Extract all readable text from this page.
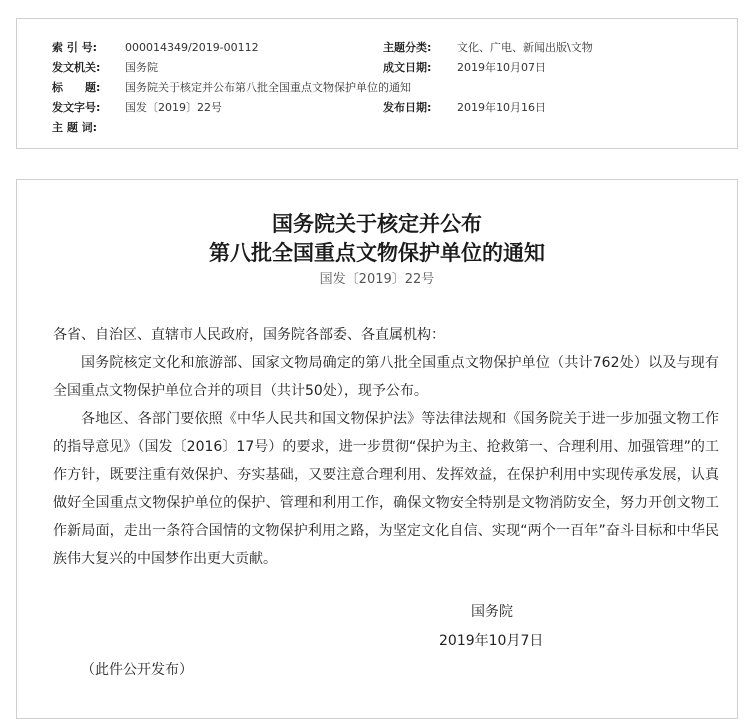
索 引 号:	000014349/2019-00112	主题分类:	文化、广电、新闻出版\文物
发文机关:	国务院	成文日期:	2019年10月07日
标　　题:	国务院关于核定并公布第八批全国重点文物保护单位的通知
发文字号:	国发〔2019〕22号	发布日期:	2019年10月16日
主 题 词:
国务院关于核定并公布
第八批全国重点文物保护单位的通知
国发〔2019〕22号

各省、自治区、直辖市人民政府，国务院各部委、各直属机构：

国务院核定文化和旅游部、国家文物局确定的第八批全国重点文物保护单位（共计762处）以及与现有全国重点文物保护单位合并的项目（共计50处），现予公布。

各地区、各部门要依照《中华人民共和国文物保护法》等法律法规和《国务院关于进一步加强文物工作的指导意见》（国发〔2016〕17号）的要求，进一步贯彻“保护为主、抢救第一、合理利用、加强管理”的工作方针，既要注重有效保护、夯实基础，又要注意合理利用、发挥效益，在保护利用中实现传承发展，认真做好全国重点文物保护单位的保护、管理和利用工作，确保文物安全特别是文物消防安全，努力开创文物工作新局面，走出一条符合国情的文物保护利用之路，为坚定文化自信、实现“两个一百年”奋斗目标和中华民族伟大复兴的中国梦作出更大贡献。

国务院
2019年10月7日
（此件公开发布）
